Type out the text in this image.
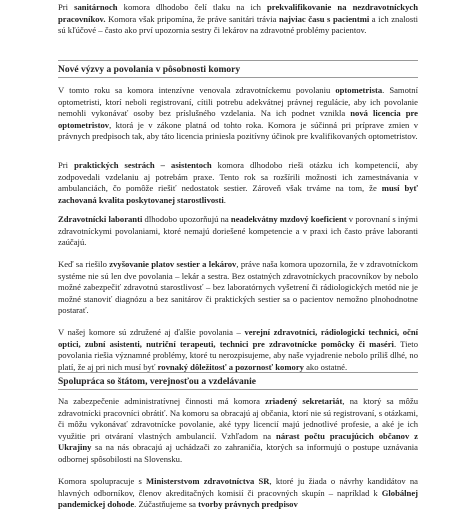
Pri sanitárnoch komora dlhodobo čelí tlaku na ich prekvalifikovanie na nezdravotníckych pracovníkov. Komora však pripomína, že práve sanitári trávia najviac času s pacientmi a ich znalosti sú kľúčové – často ako prví upozornia sestry či lekárov na zdravotné problémy pacientov.

Nové výzvy a povolania v pôsobnosti komory

V tomto roku sa komora intenzívne venovala zdravotníckemu povolaniu optometrista. Samotní optometristi, ktorí neboli registrovaní, cítili potrebu adekvátnej právnej regulácie, aby ich povolanie nemohli vykonávať osoby bez príslušného vzdelania. Na ich podnet vznikla nová licencia pre optometristov, ktorá je v zákone platná od tohto roka. Komora je súčinná pri príprave zmien v právnych predpisoch tak, aby táto licencia priniesla pozitívny účinok pre kvalifikovaných optometristov.

Pri praktických sestrách – asistentoch komora dlhodobo rieši otázku ich kompetencií, aby zodpovedali vzdelaniu aj potrebám praxe. Tento rok sa rozšírili možnosti ich zamestnávania v ambulanciách, čo pomôže riešiť nedostatok sestier. Zároveň však trváme na tom, že musí byť zachovaná kvalita poskytovanej starostlivosti.

Zdravotnícki laboranti dlhodobo upozorňujú na neadekvátny mzdový koeficient v porovnaní s inými zdravotníckymi povolaniami, ktoré nemajú doriešené kompetencie a v praxi ich často práve laboranti zaúčajú.

Keď sa riešilo zvyšovanie platov sestier a lekárov, práve naša komora upozornila, že v zdravotníckom systéme nie sú len dve povolania – lekár a sestra. Bez ostatných zdravotníckych pracovníkov by nebolo možné zabezpečiť zdravotnú starostlivosť – bez laboratórnych vyšetrení či rádiologických metód nie je možné stanoviť diagnózu a bez sanitárov či praktických sestier sa o pacientov nemožno plnohodnotne postarať.

V našej komore sú združené aj ďalšie povolania – verejní zdravotníci, rádiologickí technici, oční optici, zubní asistenti, nutriční terapeuti, technici pre zdravotnícke pomôcky či maséri. Tieto povolania riešia významné problémy, ktoré tu nerozpisujeme, aby naše vyjadrenie nebolo príliš dlhé, no platí, že aj pri nich musí byť rovnaký dôležitosť a pozornosť komory ako ostatné.

Spolupráca so štátom, verejnosťou a vzdelávanie

Na zabezpečenie administratívnej činnosti má komora zriadený sekretariát, na ktorý sa môžu zdravotnícki pracovníci obrátiť. Na komoru sa obracajú aj občania, ktorí nie sú registrovaní, s otázkami, či môžu vykonávať zdravotnícke povolanie, aké typy licencií majú jednotlivé profesie, a aké je ich využitie pri otváraní vlastných ambulancií. Vzhľadom na nárast počtu pracujúcich občanov z Ukrajiny sa na nás obracajú aj uchádzači zo zahraničia, ktorých sa informujú o postupe uznávania odbornej spôsobilosti na Slovensku.

Komora spolupracuje s Ministerstvom zdravotníctva SR, ktoré ju žiada o návrhy kandidátov na hlavných odborníkov, členov akreditačných komisií či pracovných skupín – napríklad k Globálnej pandemickej dohode. Zúčastňujeme sa tvorby právnych predpisov
